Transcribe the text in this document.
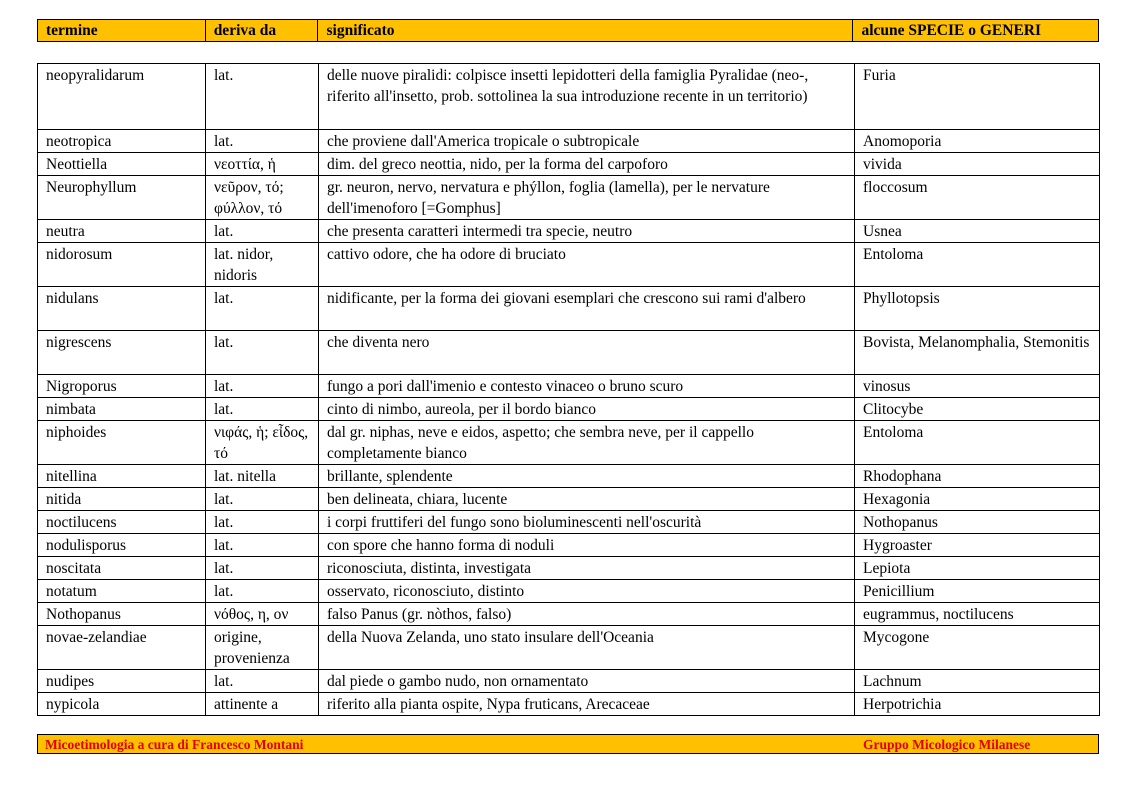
termine	deriva da	significato	alcune SPECIE o GENERI
neopyralidarum	lat.	delle nuove piralidi: colpisce insetti lepidotteri della famiglia Pyralidae (neo-, riferito all'insetto, prob. sottolinea la sua introduzione recente in un territorio)	Furia
neotropica	lat.	che proviene dall'America tropicale o subtropicale	Anomoporia
Neottiella	νεοττία, ἡ	dim. del greco neottia, nido, per la forma del carpoforo	vivida
Neurophyllum	νεῦρον, τό; φύλλον, τό	gr. neuron, nervo, nervatura e phýllon, foglia (lamella), per le nervature dell'imenoforo [=Gomphus]	floccosum
neutra	lat.	che presenta caratteri intermedi tra specie, neutro	Usnea
nidorosum	lat. nidor, nidoris	cattivo odore, che ha odore di bruciato	Entoloma
nidulans	lat.	nidificante, per la forma dei giovani esemplari che crescono sui rami d'albero	Phyllotopsis
nigrescens	lat.	che diventa nero	Bovista, Melanomphalia, Stemonitis
Nigroporus	lat.	fungo a pori dall'imenio e contesto vinaceo o bruno scuro	vinosus
nimbata	lat.	cinto di nimbo, aureola, per il bordo bianco	Clitocybe
niphoides	νιφάς, ἡ; εἶδος, τό	dal gr. niphas, neve e eidos, aspetto; che sembra neve, per il cappello completamente bianco	Entoloma
nitellina	lat. nitella	brillante, splendente	Rhodophana
nitida	lat.	ben delineata, chiara, lucente	Hexagonia
noctilucens	lat.	i corpi fruttiferi del fungo sono bioluminescenti nell'oscurità	Nothopanus
nodulisporus	lat.	con spore che hanno forma di noduli	Hygroaster
noscitata	lat.	riconosciuta, distinta, investigata	Lepiota
notatum	lat.	osservato, riconosciuto, distinto	Penicillium
Nothopanus	νόθος, η, ον	falso Panus (gr. nòthos, falso)	eugrammus, noctilucens
novae-zelandiae	origine, provenienza	della Nuova Zelanda, uno stato insulare dell'Oceania	Mycogone
nudipes	lat.	dal piede o gambo nudo, non ornamentato	Lachnum
nypicola	attinente a	riferito alla pianta ospite, Nypa fruticans, Arecaceae	Herpotrichia
Micoetimologia a cura di Francesco Montani	Gruppo Micologico Milanese
